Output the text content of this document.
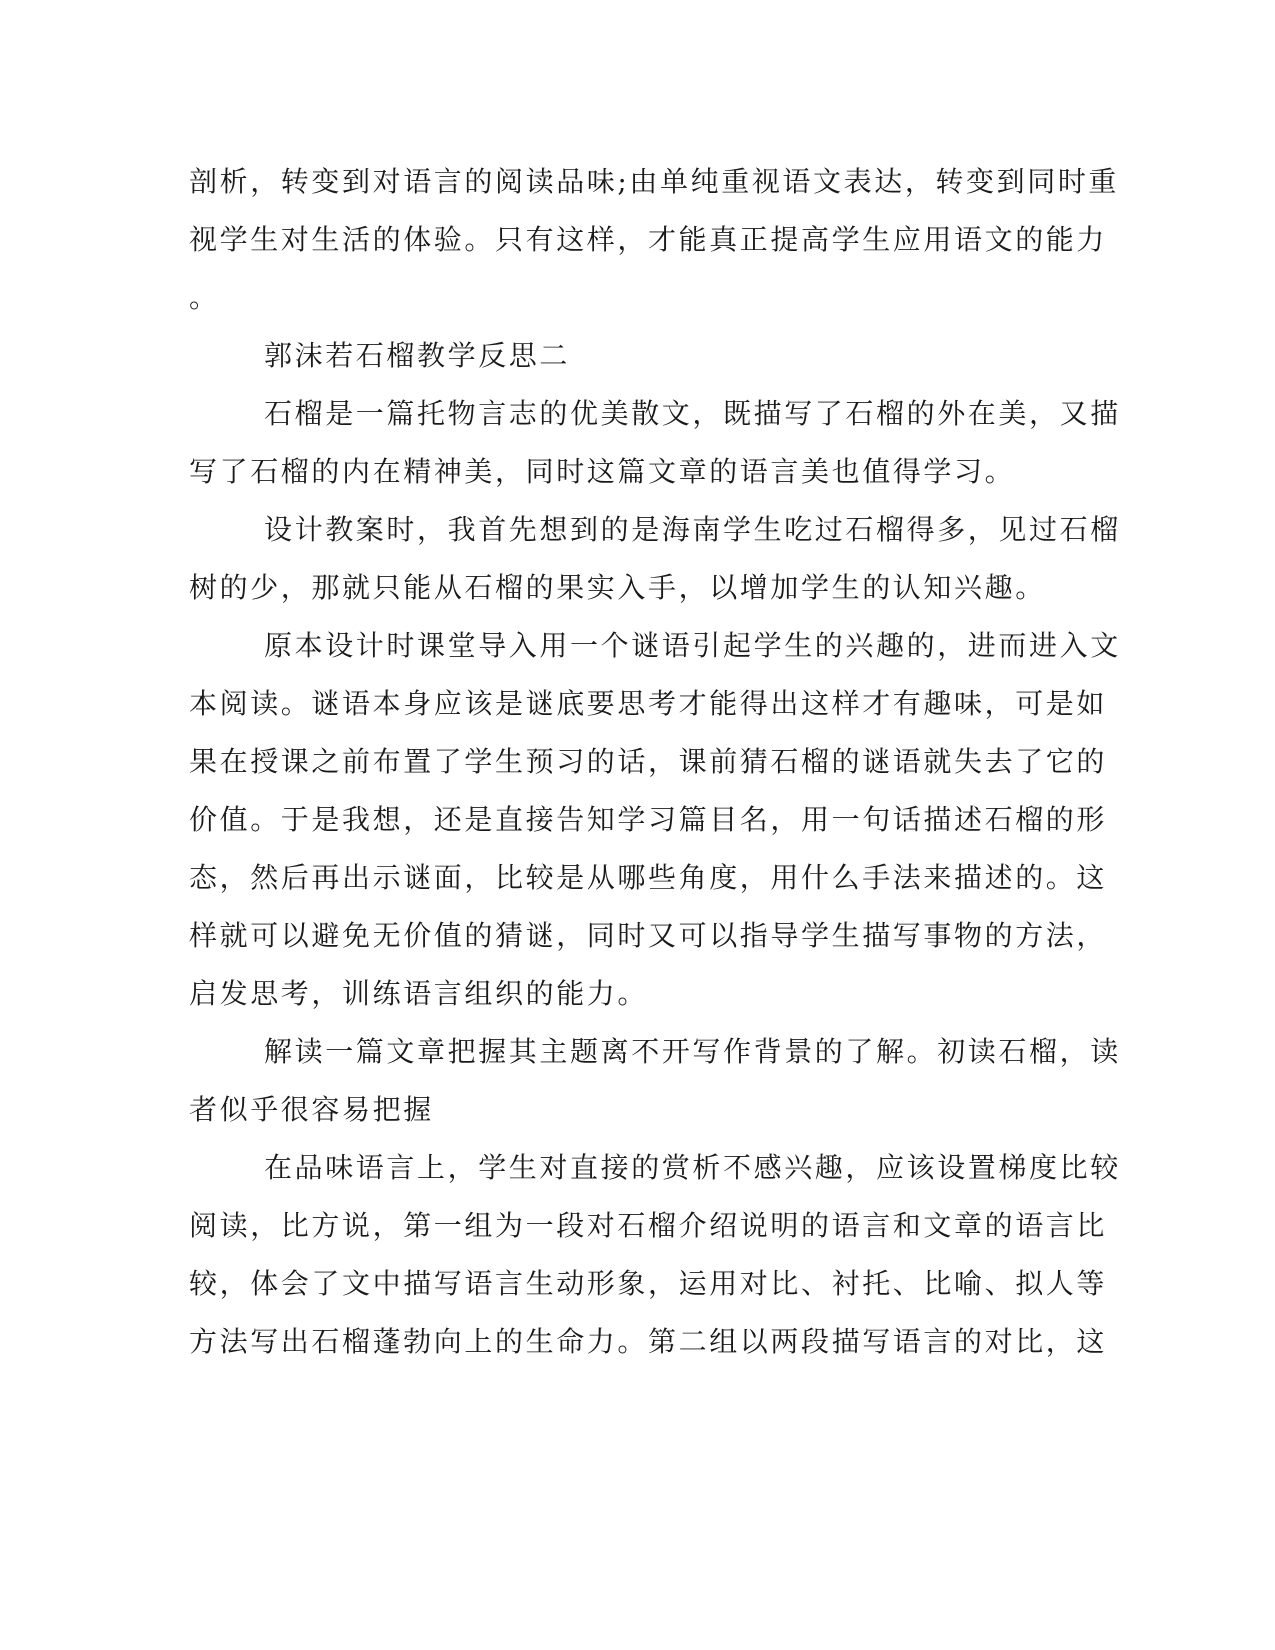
剖析，转变到对语言的阅读品味;由单纯重视语文表达，转变到同时重
视学生对生活的体验。只有这样，才能真正提高学生应用语文的能力
。
郭沫若石榴教学反思二
石榴是一篇托物言志的优美散文，既描写了石榴的外在美，又描
写了石榴的内在精神美，同时这篇文章的语言美也值得学习。
设计教案时，我首先想到的是海南学生吃过石榴得多，见过石榴
树的少，那就只能从石榴的果实入手，以增加学生的认知兴趣。
原本设计时课堂导入用一个谜语引起学生的兴趣的，进而进入文
本阅读。谜语本身应该是谜底要思考才能得出这样才有趣味，可是如
果在授课之前布置了学生预习的话，课前猜石榴的谜语就失去了它的
价值。于是我想，还是直接告知学习篇目名，用一句话描述石榴的形
态，然后再出示谜面，比较是从哪些角度，用什么手法来描述的。这
样就可以避免无价值的猜谜，同时又可以指导学生描写事物的方法，
启发思考，训练语言组织的能力。
解读一篇文章把握其主题离不开写作背景的了解。初读石榴，读
者似乎很容易把握
在品味语言上，学生对直接的赏析不感兴趣，应该设置梯度比较
阅读，比方说，第一组为一段对石榴介绍说明的语言和文章的语言比
较，体会了文中描写语言生动形象，运用对比、衬托、比喻、拟人等
方法写出石榴蓬勃向上的生命力。第二组以两段描写语言的对比，这
